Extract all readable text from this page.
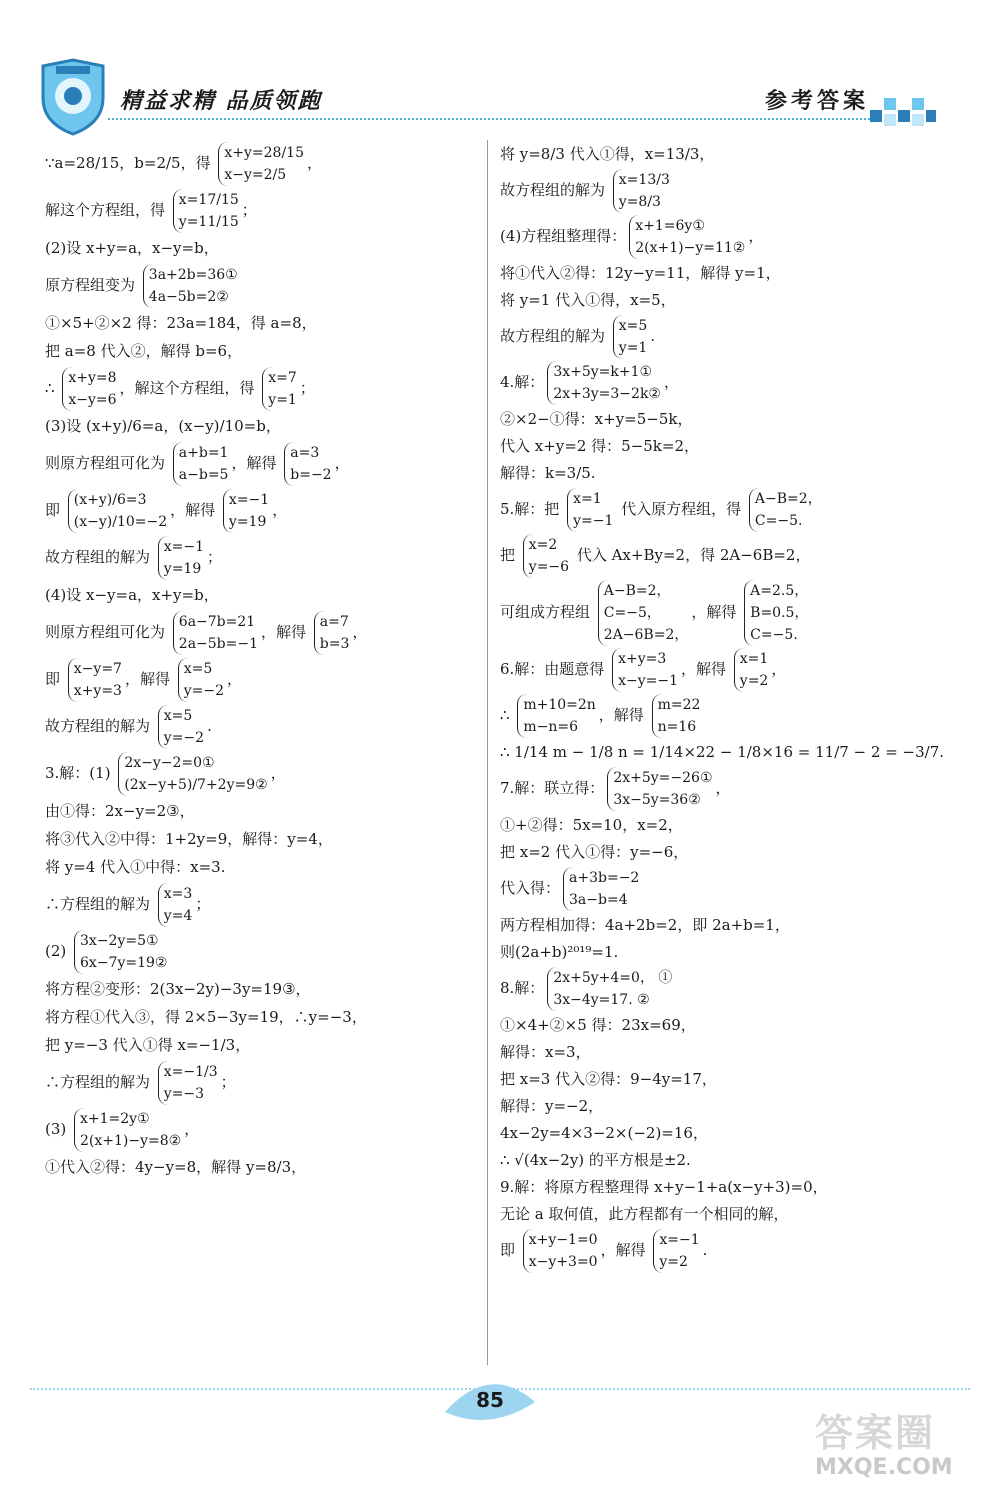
精益求精 品质领跑	参考答案
∵a=28/15，b=2/5，得
x+y=28/15
x−y=2/5
，
解这个方程组，得
x=17/15
y=11/15
；
(2)设 x+y=a，x−y=b，
原方程组变为
3a+2b=36①
4a−5b=2②
①×5+②×2 得：23a=184，得 a=8，
把 a=8 代入②，解得 b=6，
∴
x+y=8
x−y=6
，解这个方程组，得
x=7
y=1
；
(3)设 (x+y)/6=a，(x−y)/10=b，
则原方程组可化为
a+b=1
a−b=5
，解得
a=3
b=−2
，
即
(x+y)/6=3
(x−y)/10=−2
，解得
x=−1
y=19
，
故方程组的解为
x=−1
y=19
；
(4)设 x−y=a，x+y=b，
则原方程组可化为
6a−7b=21
2a−5b=−1
，解得
a=7
b=3
，
即
x−y=7
x+y=3
，解得
x=5
y=−2
，
故方程组的解为
x=5
y=−2
.
3.解：(1)
2x−y−2=0①
(2x−y+5)/7+2y=9②
，
由①得：2x−y=2③，
将③代入②中得：1+2y=9，解得：y=4，
将 y=4 代入①中得：x=3.
∴方程组的解为
x=3
y=4
；
(2)
3x−2y=5①
6x−7y=19②
将方程②变形：2(3x−2y)−3y=19③，
将方程①代入③，得 2×5−3y=19，∴y=−3，
把 y=−3 代入①得 x=−1/3，
∴方程组的解为
x=−1/3
y=−3
；
(3)
x+1=2y①
2(x+1)−y=8②
，
①代入②得：4y−y=8，解得 y=8/3，
将 y=8/3 代入①得，x=13/3，
故方程组的解为
x=13/3
y=8/3
(4)方程组整理得：
x+1=6y①
2(x+1)−y=11②
，
将①代入②得：12y−y=11，解得 y=1，
将 y=1 代入①得，x=5，
故方程组的解为
x=5
y=1
.
4.解：
3x+5y=k+1①
2x+3y=3−2k②
，
②×2−①得：x+y=5−5k，
代入 x+y=2 得：5−5k=2，
解得：k=3/5.
5.解：把
x=1
y=−1
代入原方程组，得
A−B=2，
C=−5.
把
x=2
y=−6
代入 Ax+By=2，得 2A−6B=2，
可组成方程组
A−B=2，
C=−5，
2A−6B=2，
，解得
A=2.5，
B=0.5，
C=−5.
6.解：由题意得
x+y=3
x−y=−1
，解得
x=1
y=2
，
∴
m+10=2n
m−n=6
，解得
m=22
n=16
∴ 1/14 m − 1/8 n = 1/14×22 − 1/8×16 = 11/7 − 2 = −3/7.
7.解：联立得：
2x+5y=−26①
3x−5y=36②
，
①+②得：5x=10，x=2，
把 x=2 代入①得：y=−6，
代入得：
a+3b=−2
3a−b=4
两方程相加得：4a+2b=2，即 2a+b=1，
则(2a+b)²⁰¹⁹=1.
8.解：
2x+5y+4=0， ①
3x−4y=17. ②
①×4+②×5 得：23x=69，
解得：x=3，
把 x=3 代入②得：9−4y=17，
解得：y=−2，
4x−2y=4×3−2×(−2)=16，
∴ √(4x−2y) 的平方根是±2.
9.解：将原方程整理得 x+y−1+a(x−y+3)=0，
无论 a 取何值，此方程都有一个相同的解，
即
x+y−1=0
x−y+3=0
，解得
x=−1
y=2
.
85
答案圈
MXQE.COM
